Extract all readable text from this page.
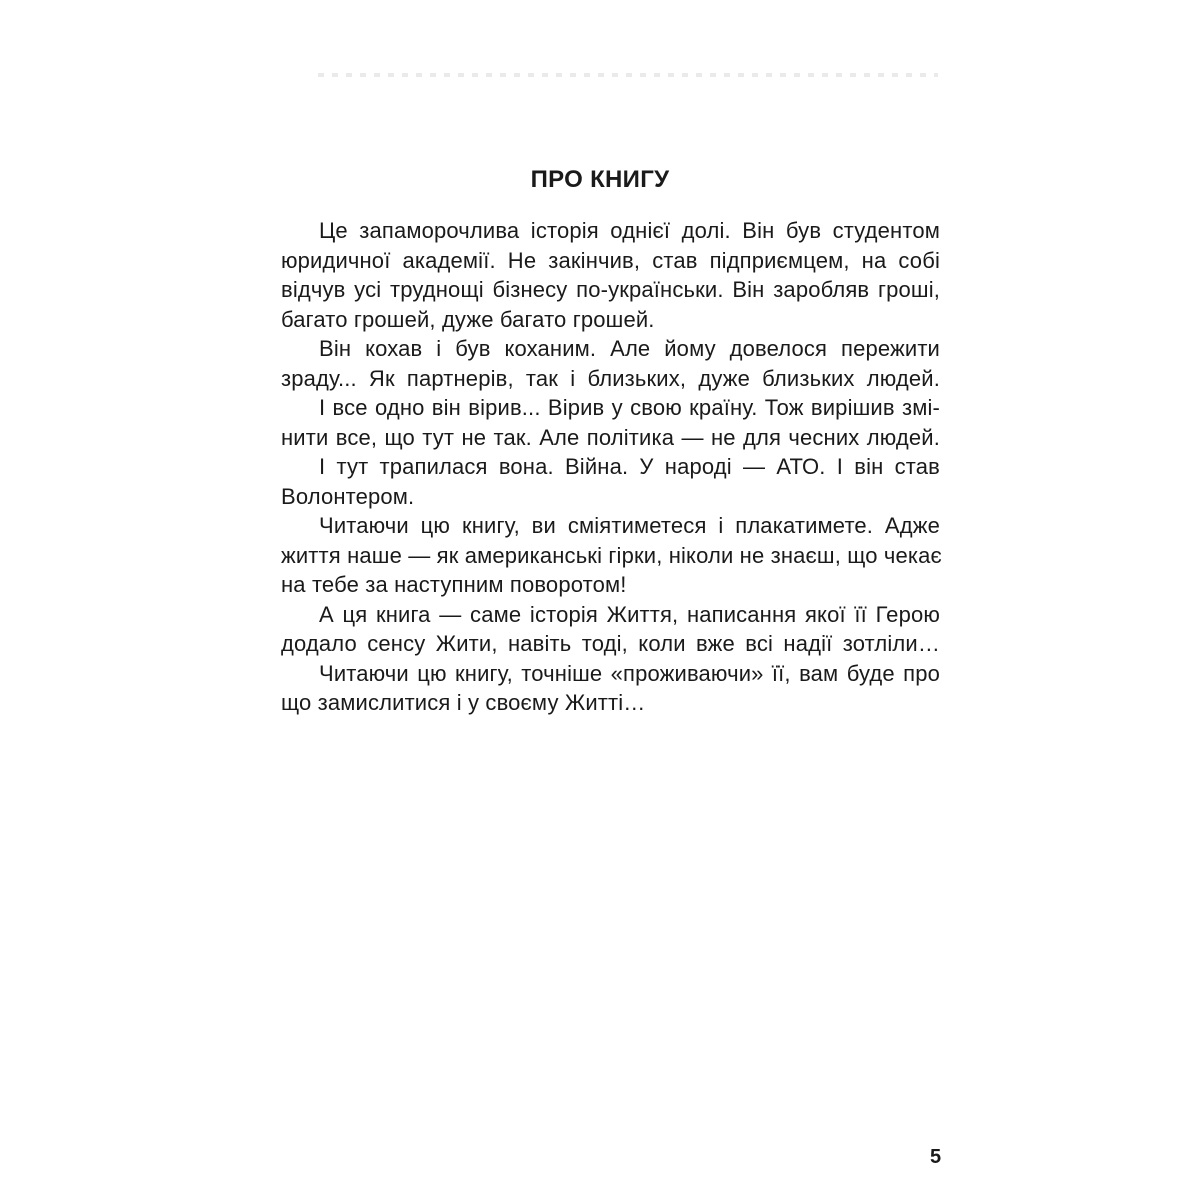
ПРО КНИГУ

Це запаморочлива історія однієї долі. Він був студентом
юридичної академії. Не закінчив, став підприємцем, на собі
відчув усі труднощі бізнесу по-українськи. Він заробляв гроші,
багато грошей, дуже багато грошей.

Він кохав і був коханим. Але йому довелося пережити
зраду... Як партнерів, так і близьких, дуже близьких людей.

І все одно він вірив... Вірив у свою країну. Тож вирішив змі-
нити все, що тут не так. Але політика — не для чесних людей.

І тут трапилася вона. Війна. У народі — АТО. І він став
Волонтером.

Читаючи цю книгу, ви сміятиметеся і плакатимете. Адже
життя наше — як американські гірки, ніколи не знаєш, що чекає
на тебе за наступним поворотом!

А ця книга — саме історія Життя, написання якої її Герою
додало сенсу Жити, навіть тоді, коли вже всі надії зотліли…

Читаючи цю книгу, точніше «проживаючи» її, вам буде про
що замислитися і у своєму Житті…

5
